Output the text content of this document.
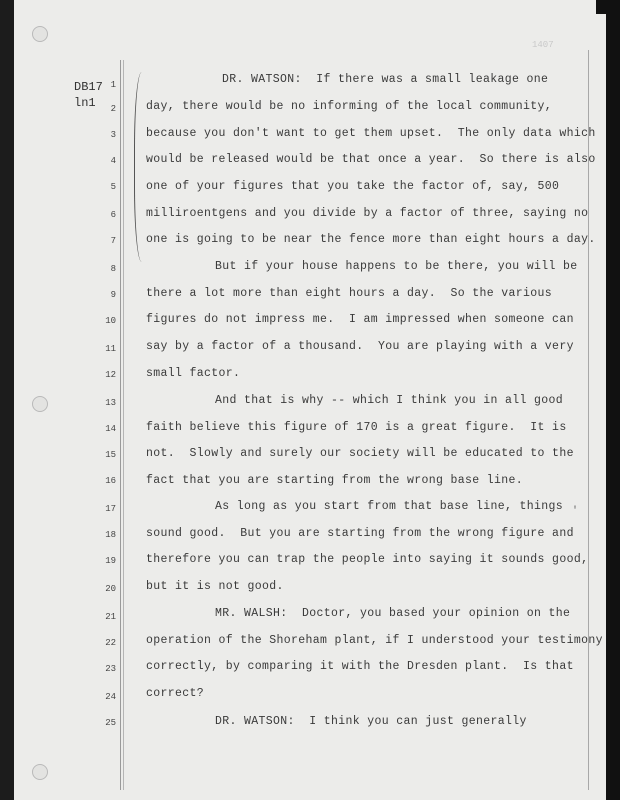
1407
DB17
ln1
1
2
3
4
5
6
7
8
9
10
11
12
13
14
15
16
17
18
19
20
21
22
23
24
25
DR. WATSON:  If there was a small leakage one
day, there would be no informing of the local community,
because you don't want to get them upset.  The only data which
would be released would be that once a year.  So there is also
one of your figures that you take the factor of, say, 500
milliroentgens and you divide by a factor of three, saying no
one is going to be near the fence more than eight hours a day.
But if your house happens to be there, you will be
there a lot more than eight hours a day.  So the various
figures do not impress me.  I am impressed when someone can
say by a factor of a thousand.  You are playing with a very
small factor.
And that is why -- which I think you in all good
faith believe this figure of 170 is a great figure.  It is
not.  Slowly and surely our society will be educated to the
fact that you are starting from the wrong base line.
As long as you start from that base line, things
sound good.  But you are starting from the wrong figure and
therefore you can trap the people into saying it sounds good,
but it is not good.
MR. WALSH:  Doctor, you based your opinion on the
operation of the Shoreham plant, if I understood your testimony
correctly, by comparing it with the Dresden plant.  Is that
correct?
DR. WATSON:  I think you can just generally
'
